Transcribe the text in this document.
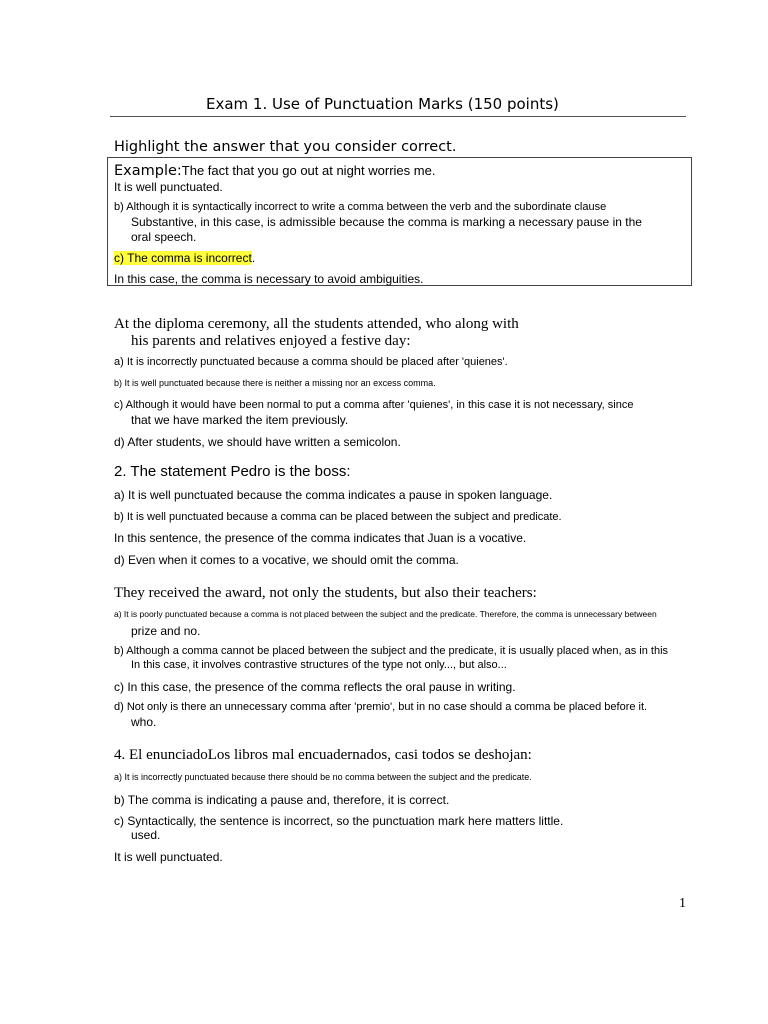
Exam 1. Use of Punctuation Marks (150 points)
Highlight the answer that you consider correct.
Example:The fact that you go out at night worries me.
It is well punctuated.
b) Although it is syntactically incorrect to write a comma between the verb and the subordinate clause
Substantive, in this case, is admissible because the comma is marking a necessary pause in the
oral speech.
c) The comma is incorrect.
In this case, the comma is necessary to avoid ambiguities.
At the diploma ceremony, all the students attended, who along with
his parents and relatives enjoyed a festive day:
a) It is incorrectly punctuated because a comma should be placed after 'quienes'.
b) It is well punctuated because there is neither a missing nor an excess comma.
c) Although it would have been normal to put a comma after 'quienes', in this case it is not necessary, since
that we have marked the item previously.
d) After students, we should have written a semicolon.
2. The statement Pedro is the boss:
a) It is well punctuated because the comma indicates a pause in spoken language.
b) It is well punctuated because a comma can be placed between the subject and predicate.
In this sentence, the presence of the comma indicates that Juan is a vocative.
d) Even when it comes to a vocative, we should omit the comma.
They received the award, not only the students, but also their teachers:
a) It is poorly punctuated because a comma is not placed between the subject and the predicate. Therefore, the comma is unnecessary between
prize and no.
b) Although a comma cannot be placed between the subject and the predicate, it is usually placed when, as in this
In this case, it involves contrastive structures of the type not only..., but also...
c) In this case, the presence of the comma reflects the oral pause in writing.
d) Not only is there an unnecessary comma after 'premio', but in no case should a comma be placed before it.
who.
4. El enunciadoLos libros mal encuadernados, casi todos se deshojan:
a) It is incorrectly punctuated because there should be no comma between the subject and the predicate.
b) The comma is indicating a pause and, therefore, it is correct.
c) Syntactically, the sentence is incorrect, so the punctuation mark here matters little.
used.
It is well punctuated.
1
